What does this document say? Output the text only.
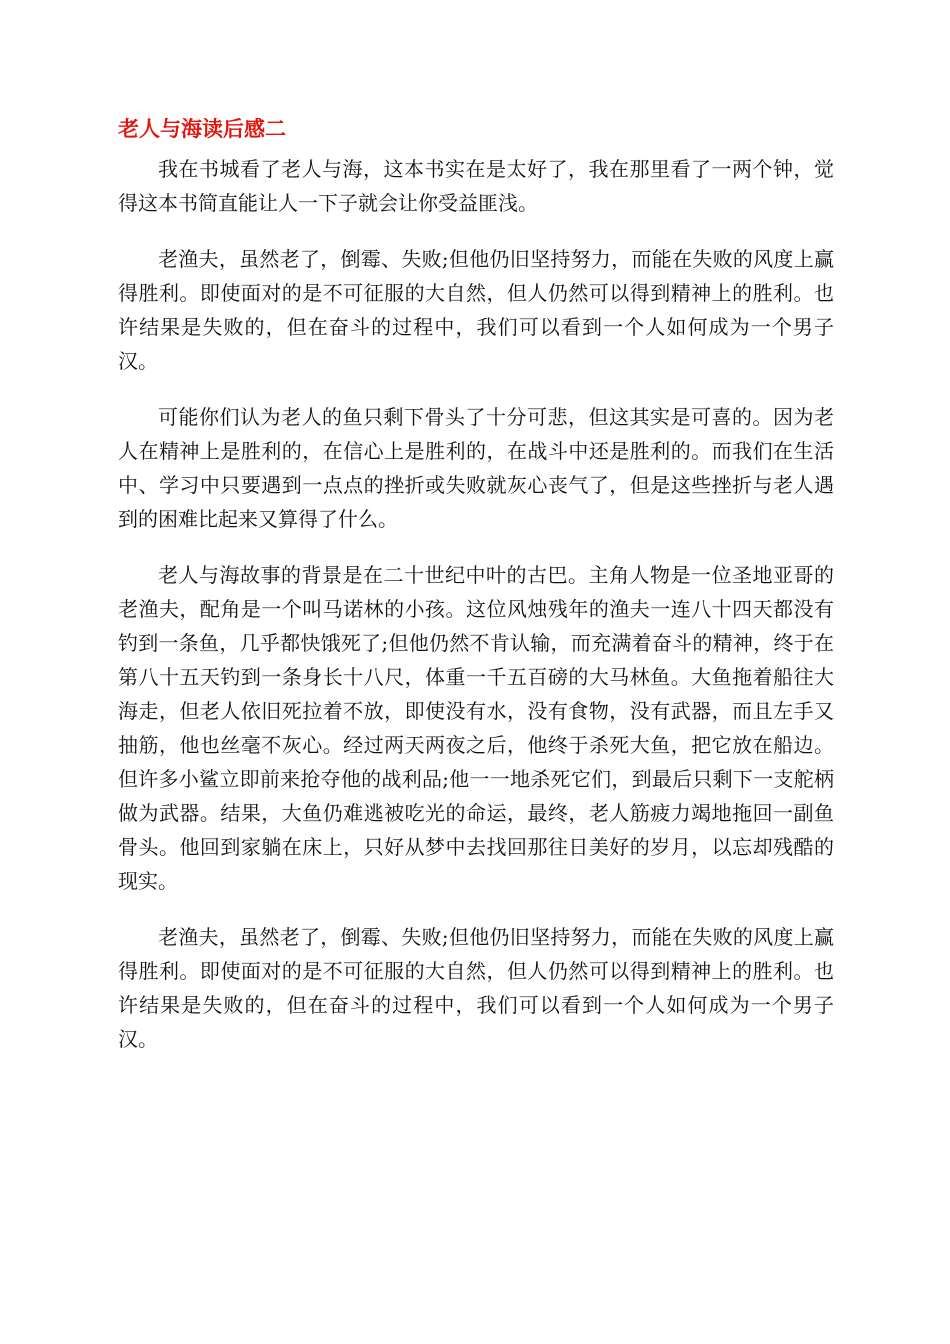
老人与海读后感二

我在书城看了老人与海，这本书实在是太好了，我在那里看了一两个钟，觉得这本书简直能让人一下子就会让你受益匪浅。

老渔夫，虽然老了，倒霉、失败;但他仍旧坚持努力，而能在失败的风度上赢得胜利。即使面对的是不可征服的大自然，但人仍然可以得到精神上的胜利。也许结果是失败的，但在奋斗的过程中，我们可以看到一个人如何成为一个男子汉。

可能你们认为老人的鱼只剩下骨头了十分可悲，但这其实是可喜的。因为老人在精神上是胜利的，在信心上是胜利的，在战斗中还是胜利的。而我们在生活中、学习中只要遇到一点点的挫折或失败就灰心丧气了，但是这些挫折与老人遇到的困难比起来又算得了什么。

老人与海故事的背景是在二十世纪中叶的古巴。主角人物是一位圣地亚哥的老渔夫，配角是一个叫马诺林的小孩。这位风烛残年的渔夫一连八十四天都没有钓到一条鱼，几乎都快饿死了;但他仍然不肯认输，而充满着奋斗的精神，终于在第八十五天钓到一条身长十八尺，体重一千五百磅的大马林鱼。大鱼拖着船往大海走，但老人依旧死拉着不放，即使没有水，没有食物，没有武器，而且左手又抽筋，他也丝毫不灰心。经过两天两夜之后，他终于杀死大鱼，把它放在船边。但许多小鲨立即前来抢夺他的战利品;他一一地杀死它们，到最后只剩下一支舵柄做为武器。结果，大鱼仍难逃被吃光的命运，最终，老人筋疲力竭地拖回一副鱼骨头。他回到家躺在床上，只好从梦中去找回那往日美好的岁月，以忘却残酷的现实。

老渔夫，虽然老了，倒霉、失败;但他仍旧坚持努力，而能在失败的风度上赢得胜利。即使面对的是不可征服的大自然，但人仍然可以得到精神上的胜利。也许结果是失败的，但在奋斗的过程中，我们可以看到一个人如何成为一个男子汉。
